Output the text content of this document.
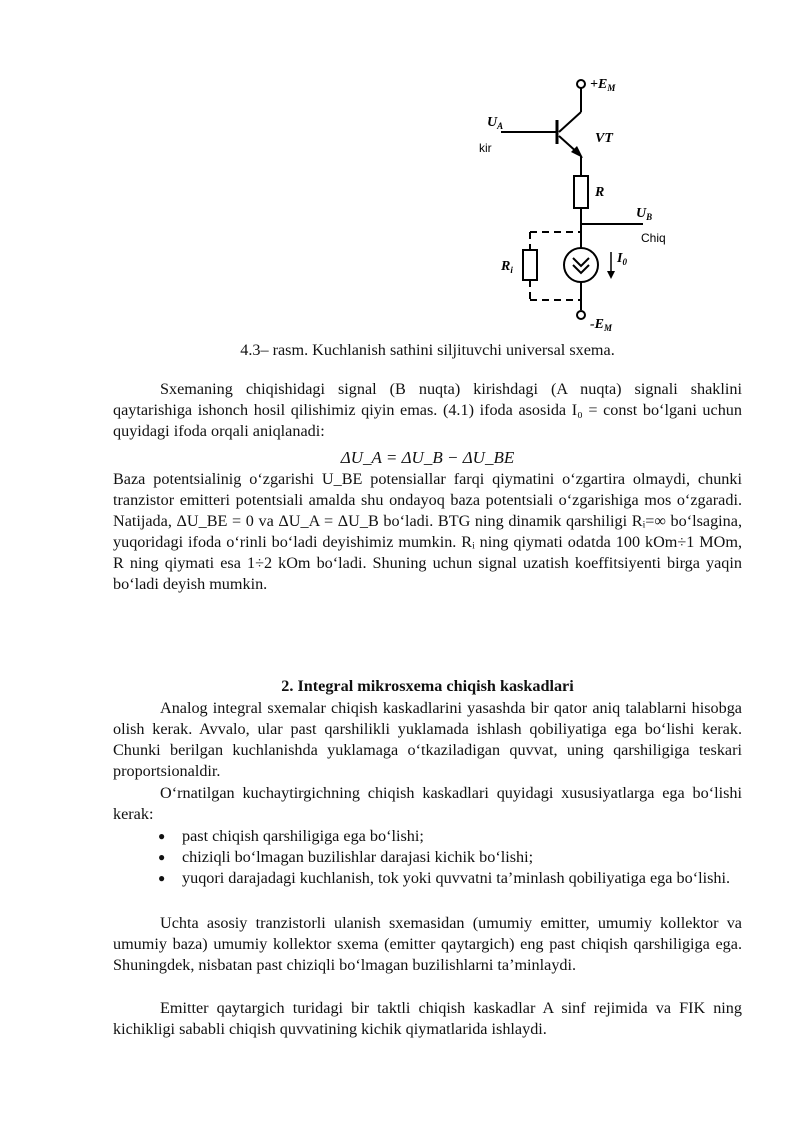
$+E_M$
$U_A$
kir
VT
R
$U_B$
Chiq
$R_i$
$I_0$
$-E_M$
4.3– rasm. Kuchlanish sathini siljituvchi universal sxema.

Sxemaning chiqishidagi signal (B nuqta) kirishdagi (A nuqta) signali shaklini qaytarishiga ishonch hosil qilishimiz qiyin emas. (4.1) ifoda asosida I₀ = const boʻlgani uchun quyidagi ifoda orqali aniqlanadi:

ΔU_A = ΔU_B − ΔU_BE

Baza potentsialinig oʻzgarishi U_BE potensiallar farqi qiymatini oʻzgartira olmaydi, chunki tranzistor emitteri potentsiali amalda shu ondayoq baza potentsiali oʻzgarishiga mos oʻzgaradi. Natijada, ΔU_BE = 0 va ΔU_A = ΔU_B boʻladi. BTG ning dinamik qarshiligi Rᵢ=∞ boʻlsagina, yuqoridagi ifoda oʻrinli boʻladi deyishimiz mumkin. Rᵢ ning qiymati odatda 100 kOm÷1 MOm, R ning qiymati esa 1÷2 kOm boʻladi. Shuning uchun signal uzatish koeffitsiyenti birga yaqin boʻladi deyish mumkin.

2. Integral mikrosxema chiqish kaskadlari

Analog integral sxemalar chiqish kaskadlarini yasashda bir qator aniq talablarni hisobga olish kerak. Avvalo, ular past qarshilikli yuklamada ishlash qobiliyatiga ega boʻlishi kerak. Chunki berilgan kuchlanishda yuklamaga oʻtkaziladigan quvvat, uning qarshiligiga teskari proportsionaldir.

Oʻrnatilgan kuchaytirgichning chiqish kaskadlari quyidagi xususiyatlarga ega boʻlishi kerak:

● past chiqish qarshiligiga ega boʻlishi;
● chiziqli boʻlmagan buzilishlar darajasi kichik boʻlishi;
● yuqori darajadagi kuchlanish, tok yoki quvvatni taʼminlash qobiliyatiga ega boʻlishi.

Uchta asosiy tranzistorli ulanish sxemasidan (umumiy emitter, umumiy kollektor va umumiy baza) umumiy kollektor sxema (emitter qaytargich) eng past chiqish qarshiligiga ega. Shuningdek, nisbatan past chiziqli boʻlmagan buzilishlarni taʼminlaydi.

Emitter qaytargich turidagi bir taktli chiqish kaskadlar A sinf rejimida va FIK ning kichikligi sababli chiqish quvvatining kichik qiymatlarida ishlaydi.
